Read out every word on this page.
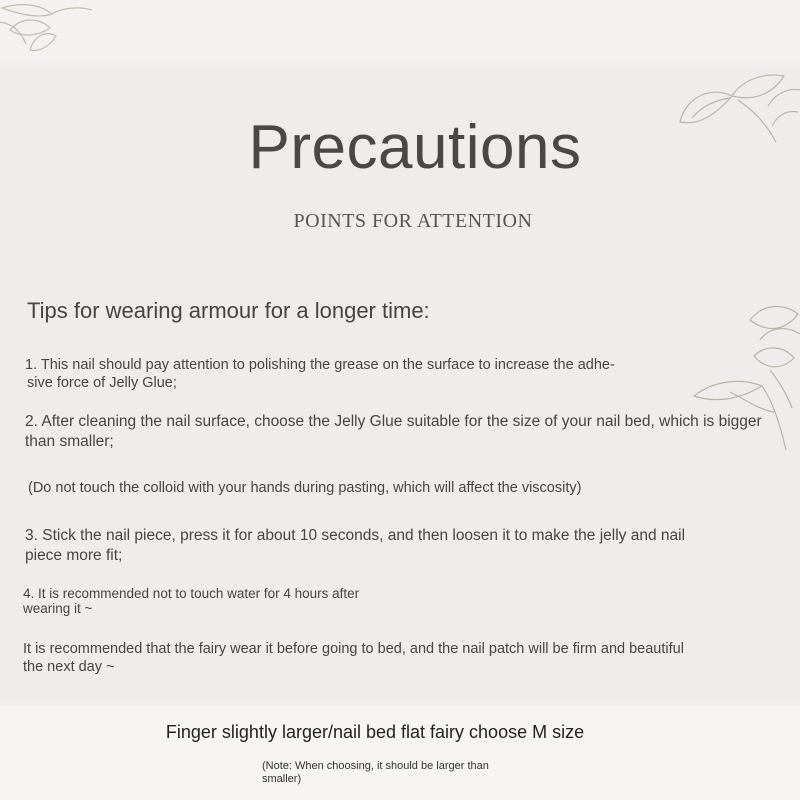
Precautions
POINTS FOR ATTENTION
Tips for wearing armour for a longer time:
1. This nail should pay attention to polishing the grease on the surface to increase the adhe-
sive force of Jelly Glue;
2. After cleaning the nail surface, choose the Jelly Glue suitable for the size of your nail bed, which is bigger
than smaller;
(Do not touch the colloid with your hands during pasting, which will affect the viscosity)
3. Stick the nail piece, press it for about 10 seconds, and then loosen it to make the jelly and nail
piece more fit;
4. It is recommended not to touch water for 4 hours after
wearing it ~
It is recommended that the fairy wear it before going to bed, and the nail patch will be firm and beautiful
the next day ~
Finger slightly larger/nail bed flat fairy choose M size
(Note: When choosing, it should be larger than
smaller)
